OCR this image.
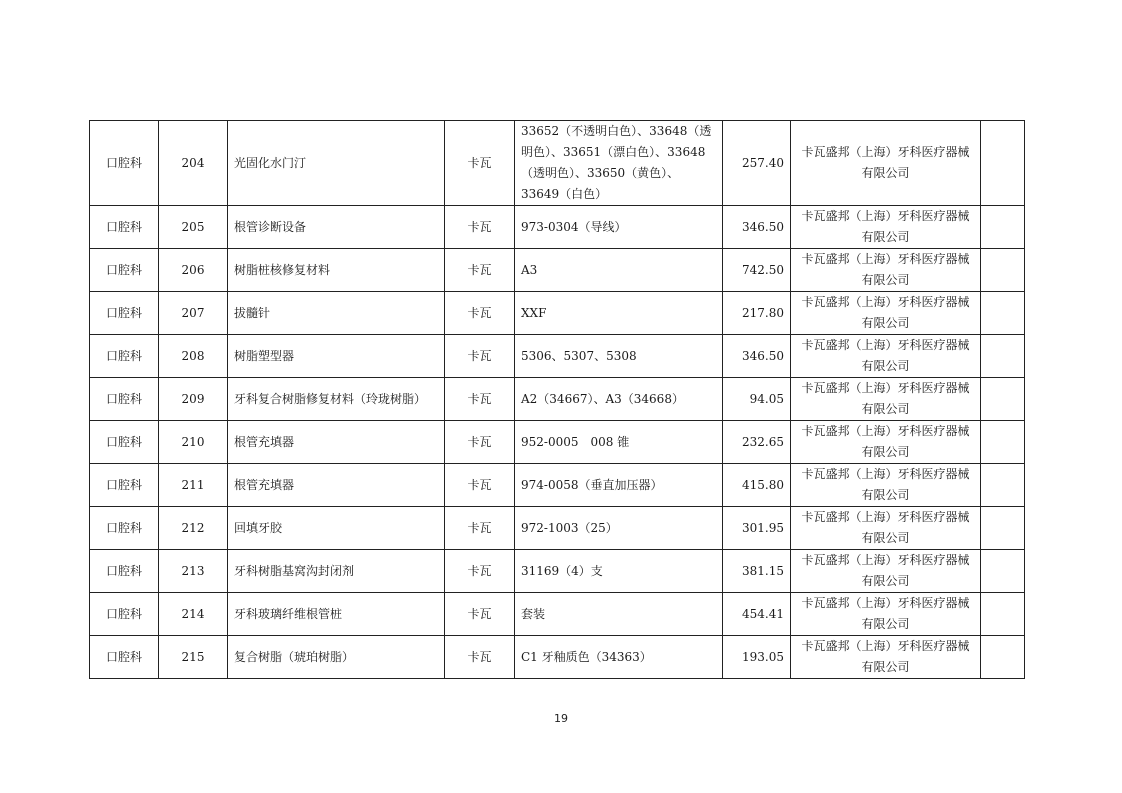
口腔科	204	光固化水门汀	卡瓦	33652（不透明白色）、33648（透明色）、33651（漂白色）、33648（透明色）、33650（黄色）、33649（白色）	257.40	卡瓦盛邦（上海）牙科医疗器械有限公司	
口腔科	205	根管诊断设备	卡瓦	973-0304（导线）	346.50	卡瓦盛邦（上海）牙科医疗器械有限公司	
口腔科	206	树脂桩核修复材料	卡瓦	A3	742.50	卡瓦盛邦（上海）牙科医疗器械有限公司	
口腔科	207	拔髓针	卡瓦	XXF	217.80	卡瓦盛邦（上海）牙科医疗器械有限公司	
口腔科	208	树脂塑型器	卡瓦	5306、5307、5308	346.50	卡瓦盛邦（上海）牙科医疗器械有限公司	
口腔科	209	牙科复合树脂修复材料（玲珑树脂）	卡瓦	A2（34667）、A3（34668）	94.05	卡瓦盛邦（上海）牙科医疗器械有限公司	
口腔科	210	根管充填器	卡瓦	952-0005　008 锥	232.65	卡瓦盛邦（上海）牙科医疗器械有限公司	
口腔科	211	根管充填器	卡瓦	974-0058（垂直加压器）	415.80	卡瓦盛邦（上海）牙科医疗器械有限公司	
口腔科	212	回填牙胶	卡瓦	972-1003（25）	301.95	卡瓦盛邦（上海）牙科医疗器械有限公司	
口腔科	213	牙科树脂基窝沟封闭剂	卡瓦	31169（4）支	381.15	卡瓦盛邦（上海）牙科医疗器械有限公司	
口腔科	214	牙科玻璃纤维根管桩	卡瓦	套装	454.41	卡瓦盛邦（上海）牙科医疗器械有限公司	
口腔科	215	复合树脂（琥珀树脂）	卡瓦	C1 牙釉质色（34363）	193.05	卡瓦盛邦（上海）牙科医疗器械有限公司	
19
